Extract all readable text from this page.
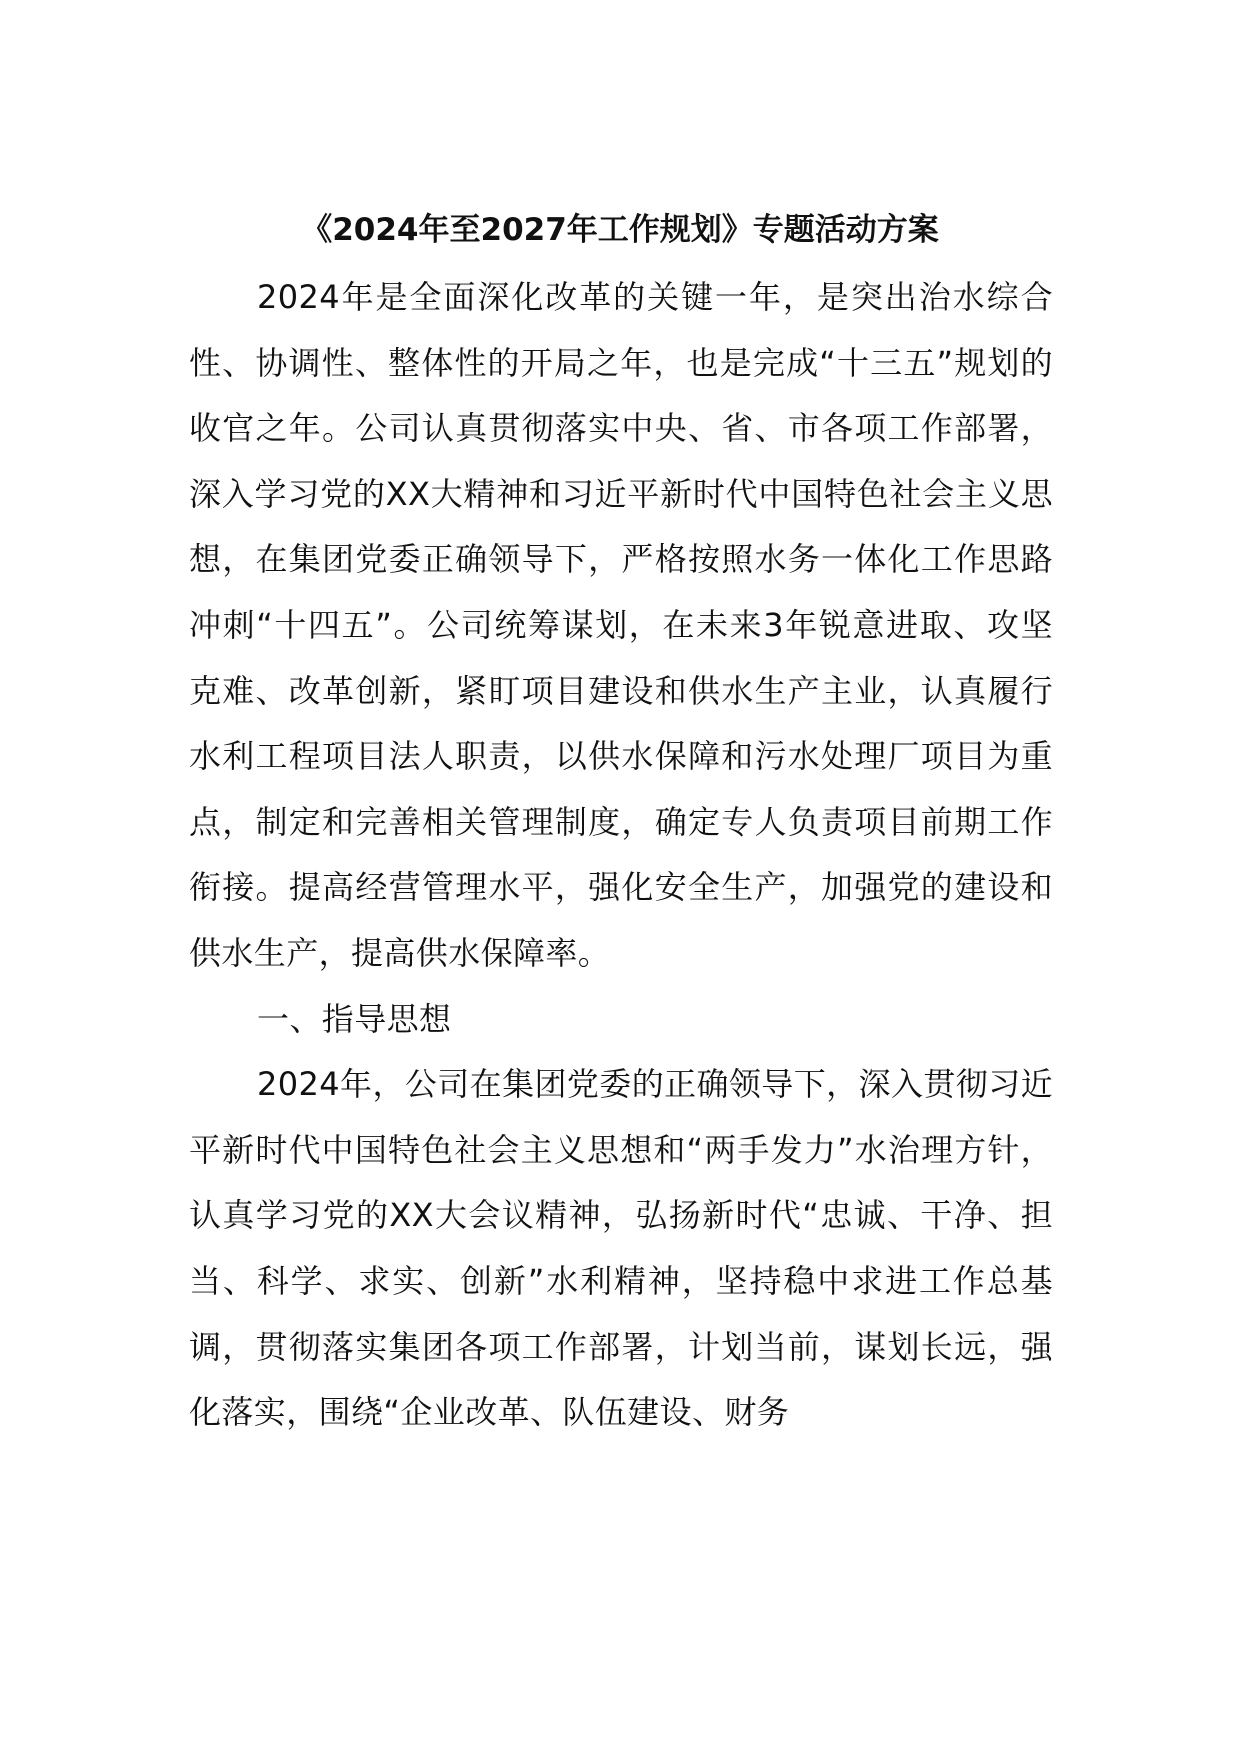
《2024年至2027年工作规划》专题活动方案

2024年是全面深化改革的关键一年，是突出治水综合性、协调性、整体性的开局之年，也是完成“十三五”规划的收官之年。公司认真贯彻落实中央、省、市各项工作部署，深入学习党的XX大精神和习近平新时代中国特色社会主义思想，在集团党委正确领导下，严格按照水务一体化工作思路冲刺“十四五”。公司统筹谋划，在未来3年锐意进取、攻坚克难、改革创新，紧盯项目建设和供水生产主业，认真履行水利工程项目法人职责，以供水保障和污水处理厂项目为重点，制定和完善相关管理制度，确定专人负责项目前期工作衔接。提高经营管理水平，强化安全生产，加强党的建设和供水生产，提高供水保障率。

一、指导思想

2024年，公司在集团党委的正确领导下，深入贯彻习近平新时代中国特色社会主义思想和“两手发力”水治理方针，认真学习党的XX大会议精神，弘扬新时代“忠诚、干净、担当、科学、求实、创新”水利精神，坚持稳中求进工作总基调，贯彻落实集团各项工作部署，计划当前，谋划长远，强化落实，围绕“企业改革、队伍建设、财务
